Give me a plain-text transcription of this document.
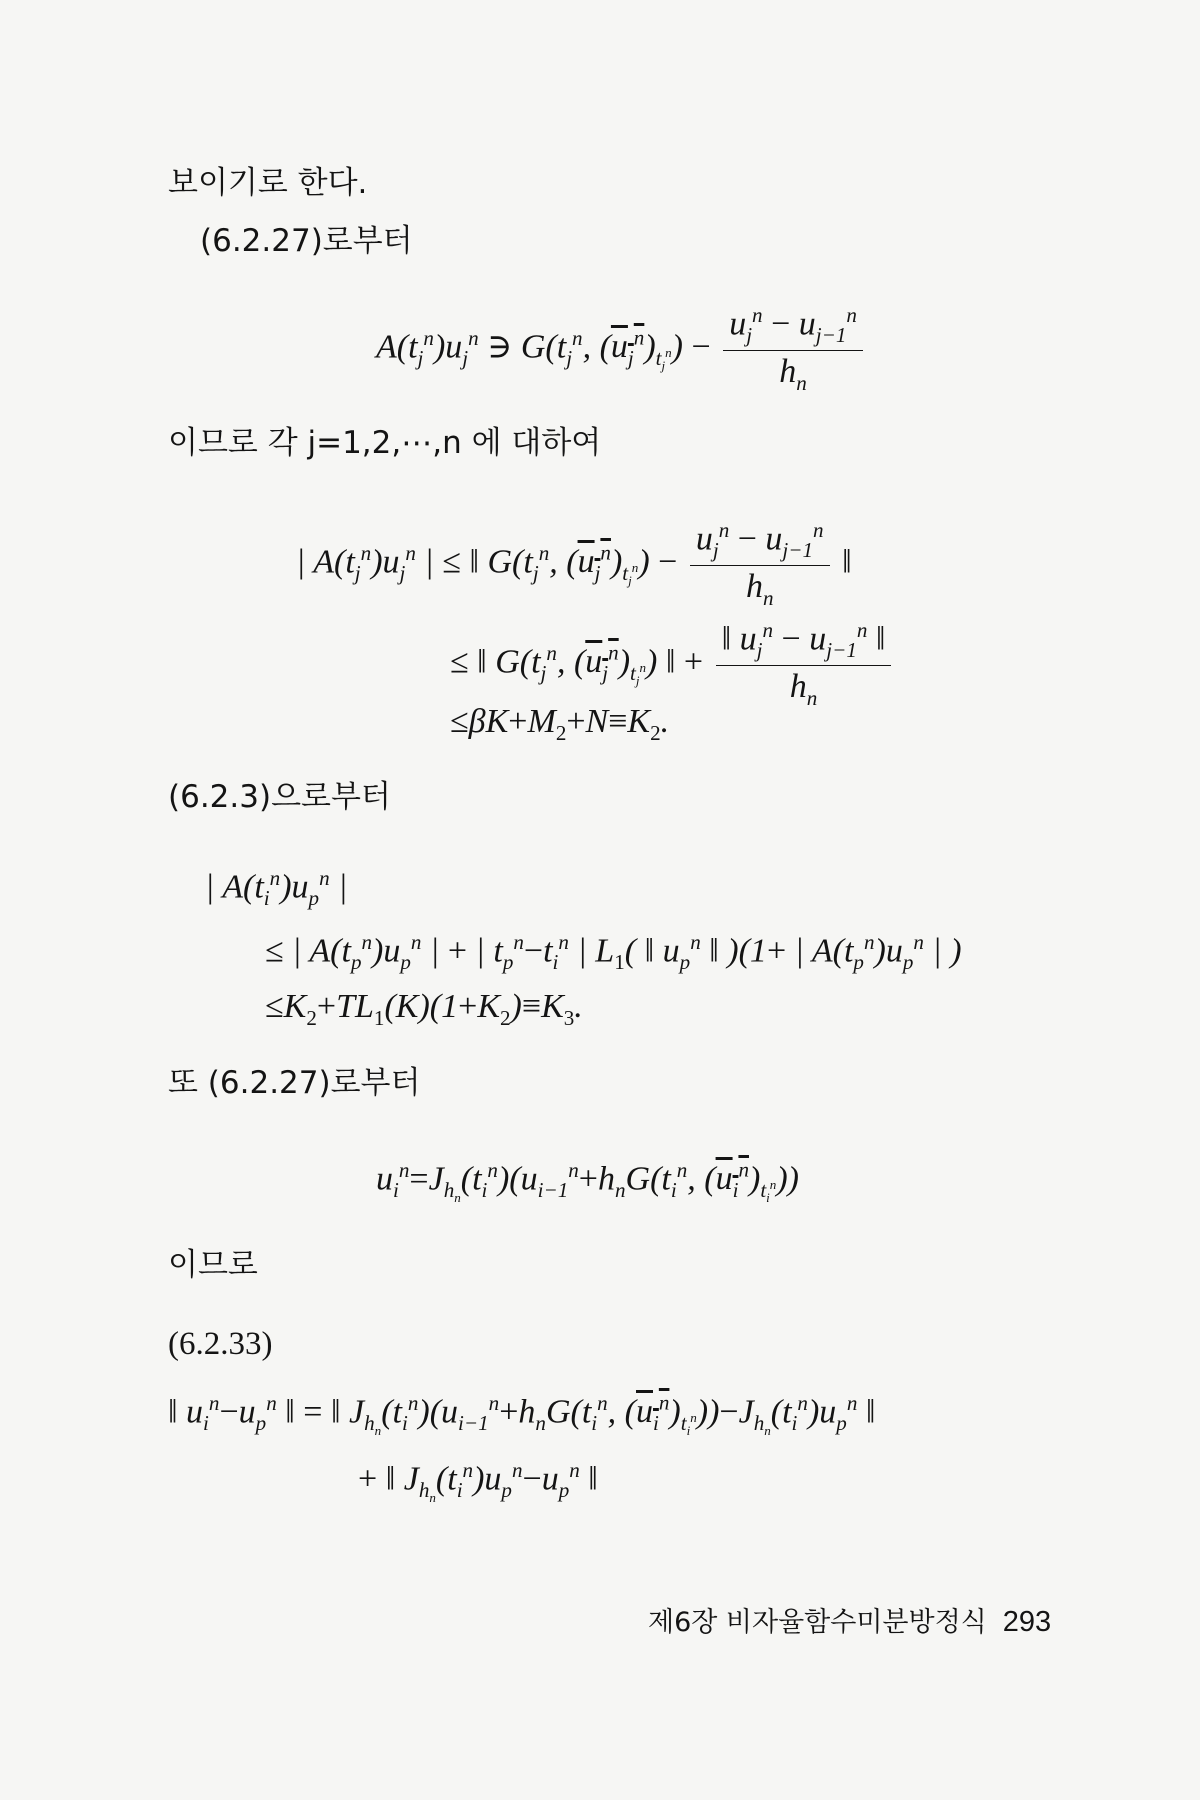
보이기로 한다.
(6.2.27)로부터
$A(t_j^n)u_j^n$ ∋ $G(t_j^n$, $(u_j^n)_{t_j^n}) - \frac{u_j^n - u_{j-1}^n}{h_n}$
이므로 각 j=1,2,⋯,n 에 대하여
| $A(t_j^n)u_j^n$ | ≤ ‖ $G(t_j^n$, $(u_j^n)_{t_j^n}) - \frac{u_j^n - u_{j-1}^n}{h_n}$ ‖
≤ ‖ $G(t_j^n$, $(u_j^n)_{t_j^n}$) ‖ + $\frac{‖ u_j^n - u_{j-1}^n ‖}{h_n}$
$\le\beta K+M_2+N\equiv K_2$.
(6.2.3)으로부터
| $A(t_i^n)u_p^n$ |
≤ | $A(t_p^n)u_p^n$ | + | $t_p^n-t_i^n$ | $L_1$( ‖ $u_p^n$ ‖ )(1+ | $A(t_p^n)u_p^n$ | )
$\le K_2+TL_1(K)(1+K_2)\equiv K_3$.
또 (6.2.27)로부터
$u_i^n=J_{h_n}(t_i^n)(u_{i-1}^n+h_nG(t_i^n$, $(u_i^n)_{t_i^n}$))
이므로
(6.2.33)
‖ $u_i^n-u_p^n$ ‖ = ‖ $J_{h_n}(t_i^n)(u_{i-1}^n+h_nG(t_i^n$, $(u_i^n)_{t_i^n}))-J_{h_n}(t_i^n)u_p^n$ ‖
+ ‖ $J_{h_n}(t_i^n)u_p^n-u_p^n$ ‖
제6장 비자율함수미분방정식 293
